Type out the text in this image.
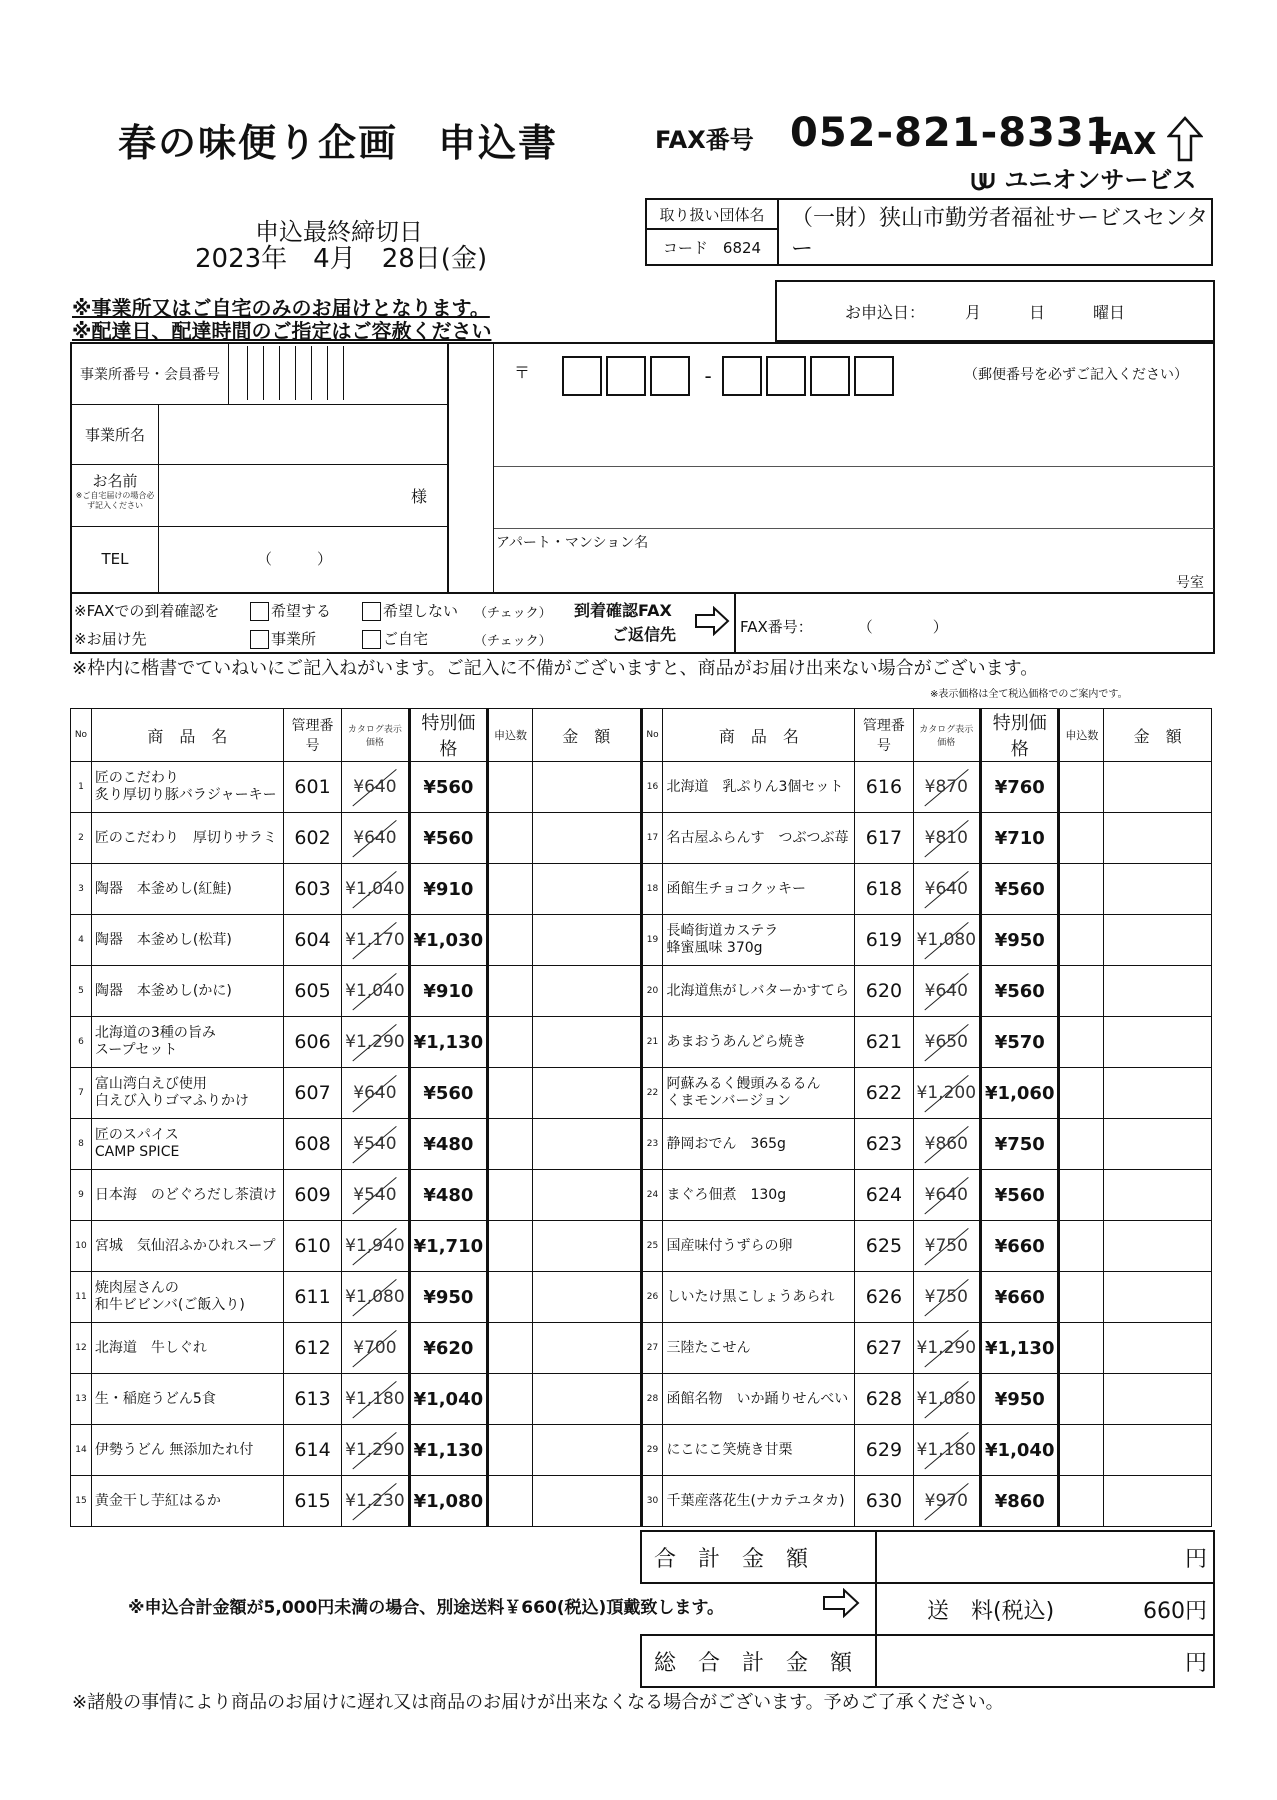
春の味便り企画　申込書	FAX番号 052-821-8331
FAX
ユニオンサービス
申込最終締切日
2023年　4月　28日(金)
取り扱い団体名	（一財）狭山市勤労者福祉サービスセンター
コード　6824
※事業所又はご自宅のみのお届けとなります。
※配達日、配達時間のご指定はご容赦ください
お申込日：　　　月　　　日　　　曜日
事業所番号・会員番号
事業所名
お名前
※ご自宅届けの場合必ず記入ください	様
TEL	（　　　）
〒	-	（郵便番号を必ずご記入ください）
アパート・マンション名
号室
※FAXでの到着確認を	希望する	希望しない （チェック）
※お届け先	事業所	ご自宅	（チェック）
到着確認FAX
ご返信先	FAX番号：　　　　（　　　　）
※枠内に楷書でていねいにご記入ねがいます。ご記入に不備がございますと、商品がお届け出来ない場合がございます。
※表示価格は全て税込価格でのご案内です。
No	商　品　名	管理番号	カタログ表示価格	特別価格	申込数	金　額	No	商　品　名	管理番号	カタログ表示価格	特別価格	申込数	金　額
1	匠のこだわり
炙り厚切り豚バラジャーキー	601	¥640	¥560			16	北海道　乳ぷりん3個セット	616	¥870	¥760		
2	匠のこだわり　厚切りサラミ	602	¥640	¥560			17	名古屋ふらんす　つぶつぶ苺	617	¥810	¥710		
3	陶器　本釜めし(紅鮭)	603	¥1,040	¥910			18	函館生チョコクッキー	618	¥640	¥560		
4	陶器　本釜めし(松茸)	604	¥1,170	¥1,030			19	長崎街道カステラ
蜂蜜風味 370g	619	¥1,080	¥950		
5	陶器　本釜めし(かに)	605	¥1,040	¥910			20	北海道焦がしバターかすてら	620	¥640	¥560		
6	北海道の3種の旨み
スープセット	606	¥1,290	¥1,130			21	あまおうあんどら焼き	621	¥650	¥570		
7	富山湾白えび使用
白えび入りゴマふりかけ	607	¥640	¥560			22	阿蘇みるく饅頭みるるん
くまモンバージョン	622	¥1,200	¥1,060		
8	匠のスパイス
CAMP SPICE	608	¥540	¥480			23	静岡おでん　365g	623	¥860	¥750		
9	日本海　のどぐろだし茶漬け	609	¥540	¥480			24	まぐろ佃煮　130g	624	¥640	¥560		
10	宮城　気仙沼ふかひれスープ	610	¥1,940	¥1,710			25	国産味付うずらの卵	625	¥750	¥660		
11	焼肉屋さんの
和牛ビビンバ(ご飯入り)	611	¥1,080	¥950			26	しいたけ黒こしょうあられ	626	¥750	¥660		
12	北海道　牛しぐれ	612	¥700	¥620			27	三陸たこせん	627	¥1,290	¥1,130		
13	生・稲庭うどん5食	613	¥1,180	¥1,040			28	函館名物　いか踊りせんべい	628	¥1,080	¥950		
14	伊勢うどん 無添加たれ付	614	¥1,290	¥1,130			29	にこにこ笑焼き甘栗	629	¥1,180	¥1,040		
15	黄金干し芋紅はるか	615	¥1,230	¥1,080			30	千葉産落花生(ナカテユタカ)	630	¥970	¥860		
合　計　金　額	円
	送　料(税込) 660円

総　合　計　金　額	円
※申込合計金額が5,000円未満の場合、別途送料￥660(税込)頂戴致します。
※諸般の事情により商品のお届けに遅れ又は商品のお届けが出来なくなる場合がございます。予めご了承ください。
